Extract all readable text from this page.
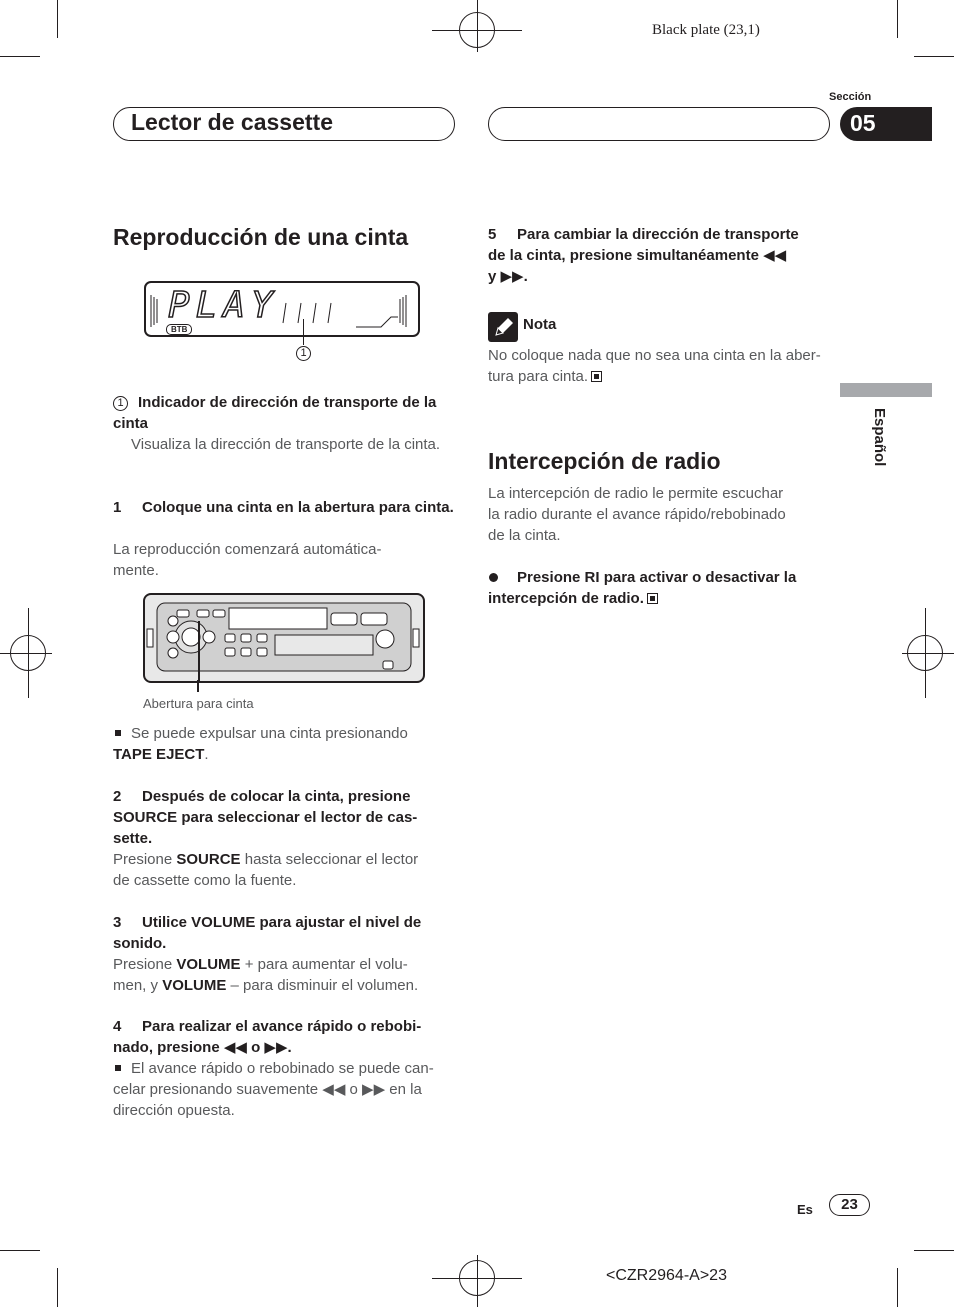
Black plate (23,1)
Sección
Lector de cassette	05
Español
Reproducción de una cinta
PLAY
BTB
1
1 Indicador de dirección de transporte de la cinta
Visualiza la dirección de transporte de la cinta.
1 Coloque una cinta en la abertura para cinta.
La reproducción comenzará automática-
mente.
Abertura para cinta
Se puede expulsar una cinta presionando
TAPE EJECT.
2 Después de colocar la cinta, presione
SOURCE para seleccionar el lector de cas-
sette.
Presione SOURCE hasta seleccionar el lector
de cassette como la fuente.
3 Utilice VOLUME para ajustar el nivel de sonido.
Presione VOLUME + para aumentar el volu-
men, y VOLUME – para disminuir el volumen.
4 Para realizar el avance rápido o rebobi-
nado, presione ◀◀ o ▶▶.
El avance rápido o rebobinado se puede can-
celar presionando suavemente ◀◀ o ▶▶ en la
dirección opuesta.
5 Para cambiar la dirección de transporte
de la cinta, presione simultanéamente ◀◀
y ▶▶.
Nota
No coloque nada que no sea una cinta en la aber-
tura para cinta.
Intercepción de radio
La intercepción de radio le permite escuchar
la radio durante el avance rápido/rebobinado
de la cinta.
Presione RI para activar o desactivar la
intercepción de radio.
Es	23
<CZR2964-A>23
